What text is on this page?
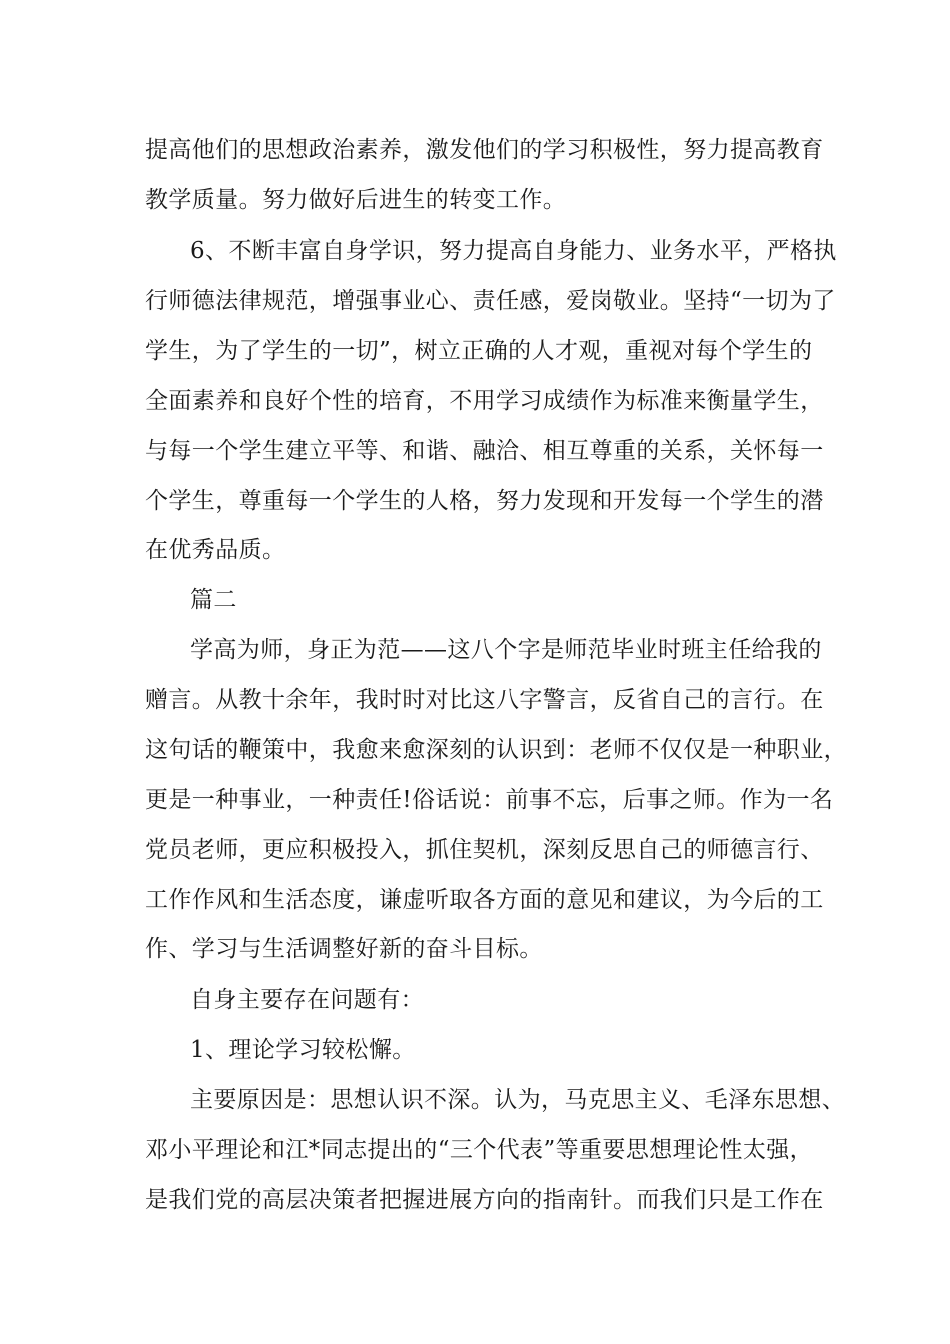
提高他们的思想政治素养，激发他们的学习积极性，努力提高教育
教学质量。努力做好后进生的转变工作。
6、不断丰富自身学识，努力提高自身能力、业务水平，严格执
行师德法律规范，增强事业心、责任感，爱岗敬业。坚持“一切为了
学生，为了学生的一切”，树立正确的人才观，重视对每个学生的
全面素养和良好个性的培育，不用学习成绩作为标准来衡量学生，
与每一个学生建立平等、和谐、融洽、相互尊重的关系，关怀每一
个学生，尊重每一个学生的人格，努力发现和开发每一个学生的潜
在优秀品质。
篇二
学高为师，身正为范——这八个字是师范毕业时班主任给我的
赠言。从教十余年，我时时对比这八字警言，反省自己的言行。在
这句话的鞭策中，我愈来愈深刻的认识到：老师不仅仅是一种职业，
更是一种事业，一种责任!俗话说：前事不忘，后事之师。作为一名
党员老师，更应积极投入，抓住契机，深刻反思自己的师德言行、
工作作风和生活态度，谦虚听取各方面的意见和建议，为今后的工
作、学习与生活调整好新的奋斗目标。
自身主要存在问题有：
1、理论学习较松懈。
主要原因是：思想认识不深。认为，马克思主义、毛泽东思想、
邓小平理论和江*同志提出的“三个代表”等重要思想理论性太强，
是我们党的高层决策者把握进展方向的指南针。而我们只是工作在
